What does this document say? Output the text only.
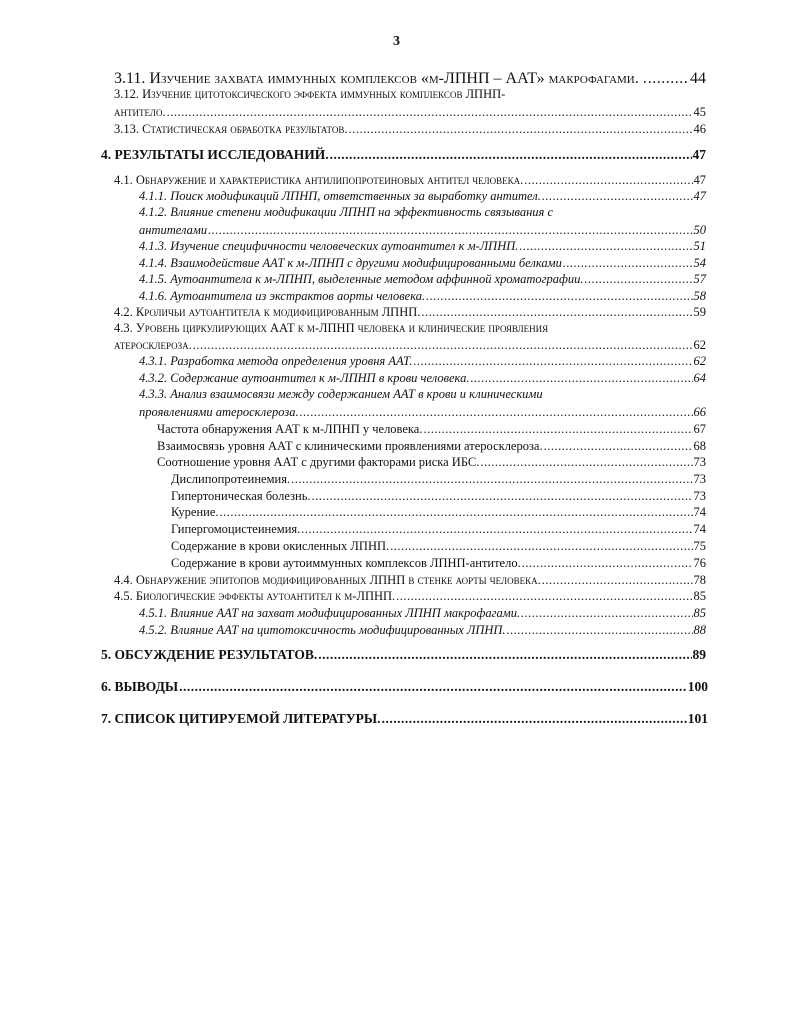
3
3.11. Изучение захвата иммунных комплексов «м-ЛПНП – ААТ» макрофагами. . .....	44
3.12. Изучение цитотоксического эффекта иммунных комплексов ЛПНП-
антитело. .....	45
3.13. Статистическая обработка результатов. .....	46
4. РЕЗУЛЬТАТЫ ИССЛЕДОВАНИЙ. .....	47
4.1. Обнаружение и характеристика антилипопротеиновых антител человека. .....	47
4.1.1. Поиск модификаций ЛПНП, ответственных за выработку антител. .....	47
4.1.2. Влияние степени модификации ЛПНП на эффективность связывания с
антителами .....	50
4.1.3. Изучение специфичности человеческих аутоантител к м-ЛПНП. .....	51
4.1.4. Взаимодействие ААТ к м-ЛПНП с другими модифицированными белками .....	54
4.1.5. Аутоантитела к м-ЛПНП, выделенные методом аффинной хроматографии. .....	57
4.1.6. Аутоантитела из экстрактов аорты человека. .....	58
4.2. Кроличьи аутоантитела к модифицированным ЛПНП. .....	59
4.3. Уровень циркулирующих ААТ к м-ЛПНП человека и клинические проявления
атеросклероза. .....	62
4.3.1. Разработка метода определения уровня ААТ. .....	62
4.3.2. Содержание аутоантител к м-ЛПНП в крови человека. .....	64
4.3.3. Анализ взаимосвязи между содержанием ААТ в крови и клиническими
проявлениями атеросклероза. .....	66
Частота обнаружения ААТ к м-ЛПНП у человека. .....	67
Взаимосвязь уровня ААТ с клиническими проявлениями атеросклероза. .....	68
Соотношение уровня ААТ с другими факторами риска ИБС. .....	73
Дислипопротеинемия. .....	73
Гипертоническая болезнь. .....	73
Курение. .....	74
Гипергомоцистеинемия. .....	74
Содержание в крови окисленных ЛПНП. .....	75
Содержание в крови аутоиммунных комплексов ЛПНП-антитело. .....	76
4.4. Обнаружение эпитопов модифицированных ЛПНП в стенке аорты человека. .....	78
4.5. Биологические эффекты аутоантител к м-ЛПНП. .....	85
4.5.1. Влияние ААТ на захват модифицированных ЛПНП макрофагами. .....	85
4.5.2. Влияние ААТ на цитотоксичность модифицированных ЛПНП. .....	88
5. ОБСУЖДЕНИЕ РЕЗУЛЬТАТОВ. .....	89
6. ВЫВОДЫ .....	100
7. СПИСОК ЦИТИРУЕМОЙ ЛИТЕРАТУРЫ. .....	101
